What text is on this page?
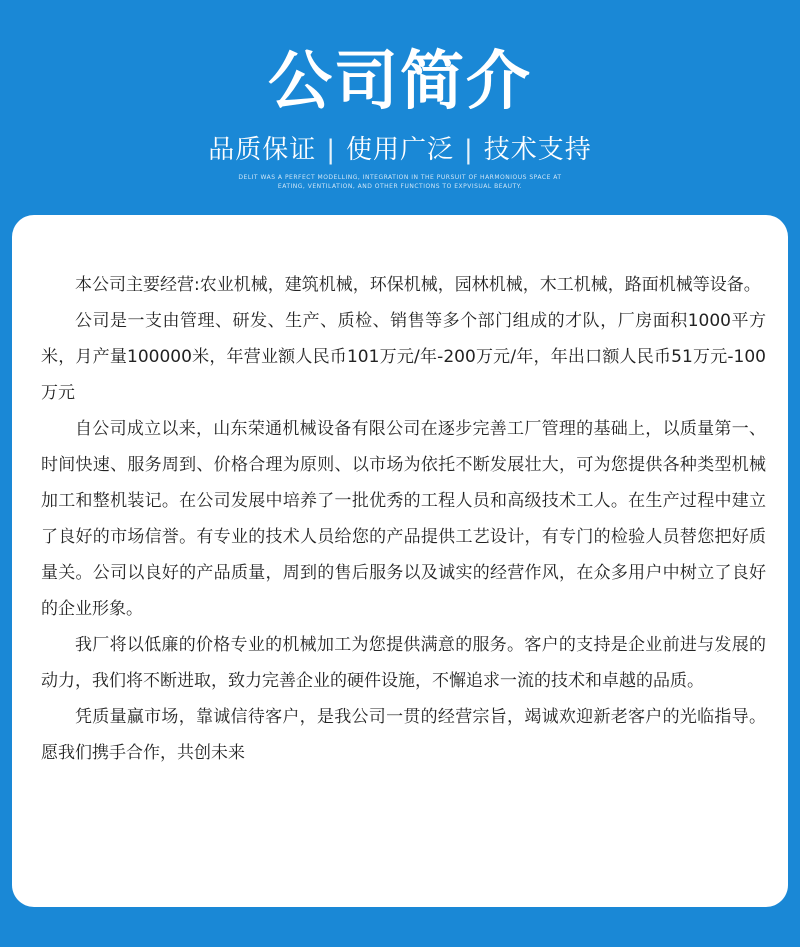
公司简介
品质保证 | 使用广泛 | 技术支持
DELIT WAS A PERFECT MODELLING, INTEGRATION IN THE PURSUIT OF HARMONIOUS SPACE AT
EATING, VENTILATION, AND OTHER FUNCTIONS TO EXPVISUAL BEAUTY.

本公司主要经营:农业机械，建筑机械，环保机械，园林机械，木工机械，路面机械等设备。

公司是一支由管理、研发、生产、质检、销售等多个部门组成的才队，厂房面积1000平方米，月产量100000米，年营业额人民币101万元/年-200万元/年，年出口额人民币51万元-100万元

自公司成立以来，山东荣通机械设备有限公司在逐步完善工厂管理的基础上，以质量第一、时间快速、服务周到、价格合理为原则、以市场为依托不断发展壮大，可为您提供各种类型机械加工和整机装记。在公司发展中培养了一批优秀的工程人员和高级技术工人。在生产过程中建立了良好的市场信誉。有专业的技术人员给您的产品提供工艺设计，有专门的检验人员替您把好质量关。公司以良好的产品质量，周到的售后服务以及诚实的经营作风，在众多用户中树立了良好的企业形象。

我厂将以低廉的价格专业的机械加工为您提供满意的服务。客户的支持是企业前进与发展的动力，我们将不断进取，致力完善企业的硬件设施，不懈追求一流的技术和卓越的品质。

凭质量赢市场，靠诚信待客户，是我公司一贯的经营宗旨，竭诚欢迎新老客户的光临指导。愿我们携手合作，共创未来
